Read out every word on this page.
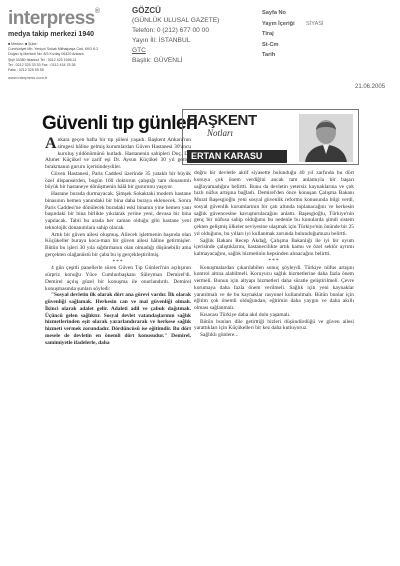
interpress®
medya takip merkezi 1940
■ Merkez: ■ Şube:
Cumhuriyet Mh. Yeniyol Sokak Mithatpaşa Cad. 69/3 K:2
Doğan İş Merkezi No: 8/3 Kızılay 06420 Ankara
Şişli 34380 İstanbul Tel : 0312 425 1595-11
Tel : 0212 325 33 33 Fax : 0312 434 78 38
Faks : 0212 325 55 55
www.interpress.com.tr
GÖZCÜ
(GÜNLÜK ULUSAL GAZETE)
Telefon: 0 (212) 677 00 00
Yayın İli: İSTANBUL
GTC
Başlık: GÜVENLİ
Sayfa No
Yayın İçeriği	SİYASİ
Tiraj
St-Cm
Tarih
21.06.2005
Güvenli tıp günleri
BAŞKENT
Notları
ERTAN KARASU

Ankara geçen hafta bir tıp şöleni yaşadı. Başkent Ankara'nın simgesi hâline gelmiş kurumlardan Güven Hastanesi 30'uncu kuruluş yıldönümünü kutladı. Hastanenin sahipleri Doç. Dr. Ahmet Küçükel ve zarif eşi Dr. Aysun Küçükel 30 yıl geride bırakmanın gururu içerisindeydiler.

Güven Hastanesi, Paris Caddesi üzerinde 35 yataklı bir büyük özel dispanserden, bugün 160 doktorun çalıştığı tam donanımlı büyük bir hastaneye dönüşmenin hâlâ bir gururunu yaşıyor.

Hastane burada durmayacak. Şimşek Sokaktaki modern hastane binasının hemen yanındaki bir bina daha buraya eklenecek. Sonra Paris Caddesi'ne dönülecek buradaki eski binanın yine hemen yanı başındaki bir bina birlikte yıkılarak yerine yeni, devasa bir bina yapılacak. Tabii bu arada her zaman olduğu gibi hastane yeni teknolojik donanımlara sahip olacak.

Artık bir güven ailesi oluşmuş. Ailecek işletmenin başında olan Küçükeller buraya koca-man bir güven ailesi hâline getirmişler. Bütün bu işleri 30 yıla sığdırmanın olan olmadığı düşünebilir ama gerçekten olağanüstü bir çaba bu iş gerçekleştirilmiş.

***

4 gün çeşitli panellerle süren Güven Tıp Günleri'nin açılışının sürpriz konuğu Yüce Cumhurbaşkanı Süleyman Demirel'di. Demirel açılış güzel bir konuşma ile onurlandırdı. Demirel konuşmasında şunları söyledi:

"Sosyal devletin ilk olarak dört ana görevi vardır. İlk olarak güvenliği sağlamak. Herkesin can ve mal güvenliği olmalı. İkinci olarak adalet gelir. Adaleti adil ve çabuk dağıtmak. Üçüncü gelen sağlıktır. Sosyal devlet vatandaşlarının sağlık hizmetlerinden eşit olarak yararlandırarak ve herkese sağlık hizmeti vermek zorundadır. Dördüncüsü ise eğitimdir. Bu dört mesele de devletin en önemli dört konusudur." Demirel, samimiyetle ifadelerle, daha

doğru bir devletle aktif siyasette bulunduğu 40 yıl zarfında bu dört konuya çok önem verdiğini ancak tam anlamıyla bir başarı sağlayamadığını belirtti. Bunu da devletin yetersiz kaynaklarına ve çok hızlı nüfus artışına bağladı. Demirel'den önce konuşan Çalışma Bakanı Murat Başesgioğlu yeni sosyal güvenlik reformu konusunda bilgi verdi, sosyal güvenlik kurumlarının bir çatı altında toplanacağını ve herkesin sağlık güvencesine kavuşturulacağını anlattı. Başesgioğlu, Türkiye'nin genç bir nüfusa sahip olduğunu bu nedenle bu konularda şimdi sistem çekten gelişmiş ülkeler seviyesine ulaşmak için Türkiye'nin önünde bir 25 yıl olduğunu, bu yılları iyi kullanmak zorunda bulunduğumuzu belirtti.

Sağlık Bakanı Recep Akdağ, Çalışma Bakanlığı ile iyi bir uyum içerisinde çalıştıklarını, hastanecilikte artık kamu ve özel sektör ayrımı kalmayacağını, sağlık hizmetinin hepsinden alınacağını belirtti.

***

Konuşmalardan çıkarılabilen sonuç şöyleydi. Türkiye nüfus artışını kontrol altına alabilmeli. Koruyucu sağlık hizmetlerine daha fazla önem vermeli. Bunun için altyapı hizmetleri daha süratle geliştirilmeli. Çevre korumaya daha fazla önem verilmeli. Sağlık için yeni kaynaklar yaratılmalı ve de bu kaynaklar rasyonel kullanılmalı. Bütün bunlar için eğitim çok önemli olduğundan, eğitimin daha yaygın ve daha akıllı olması sağlanmalı.

Kısacası Türkiye daha akıl dolu yaşamalı.

Bütün bunları dile getirttiği bizleri düşündürdüğü ve güven ailesi yarattıkları için Küçükelleri bir kez daha kutluyoruz.

Sağlıklı günlere...
